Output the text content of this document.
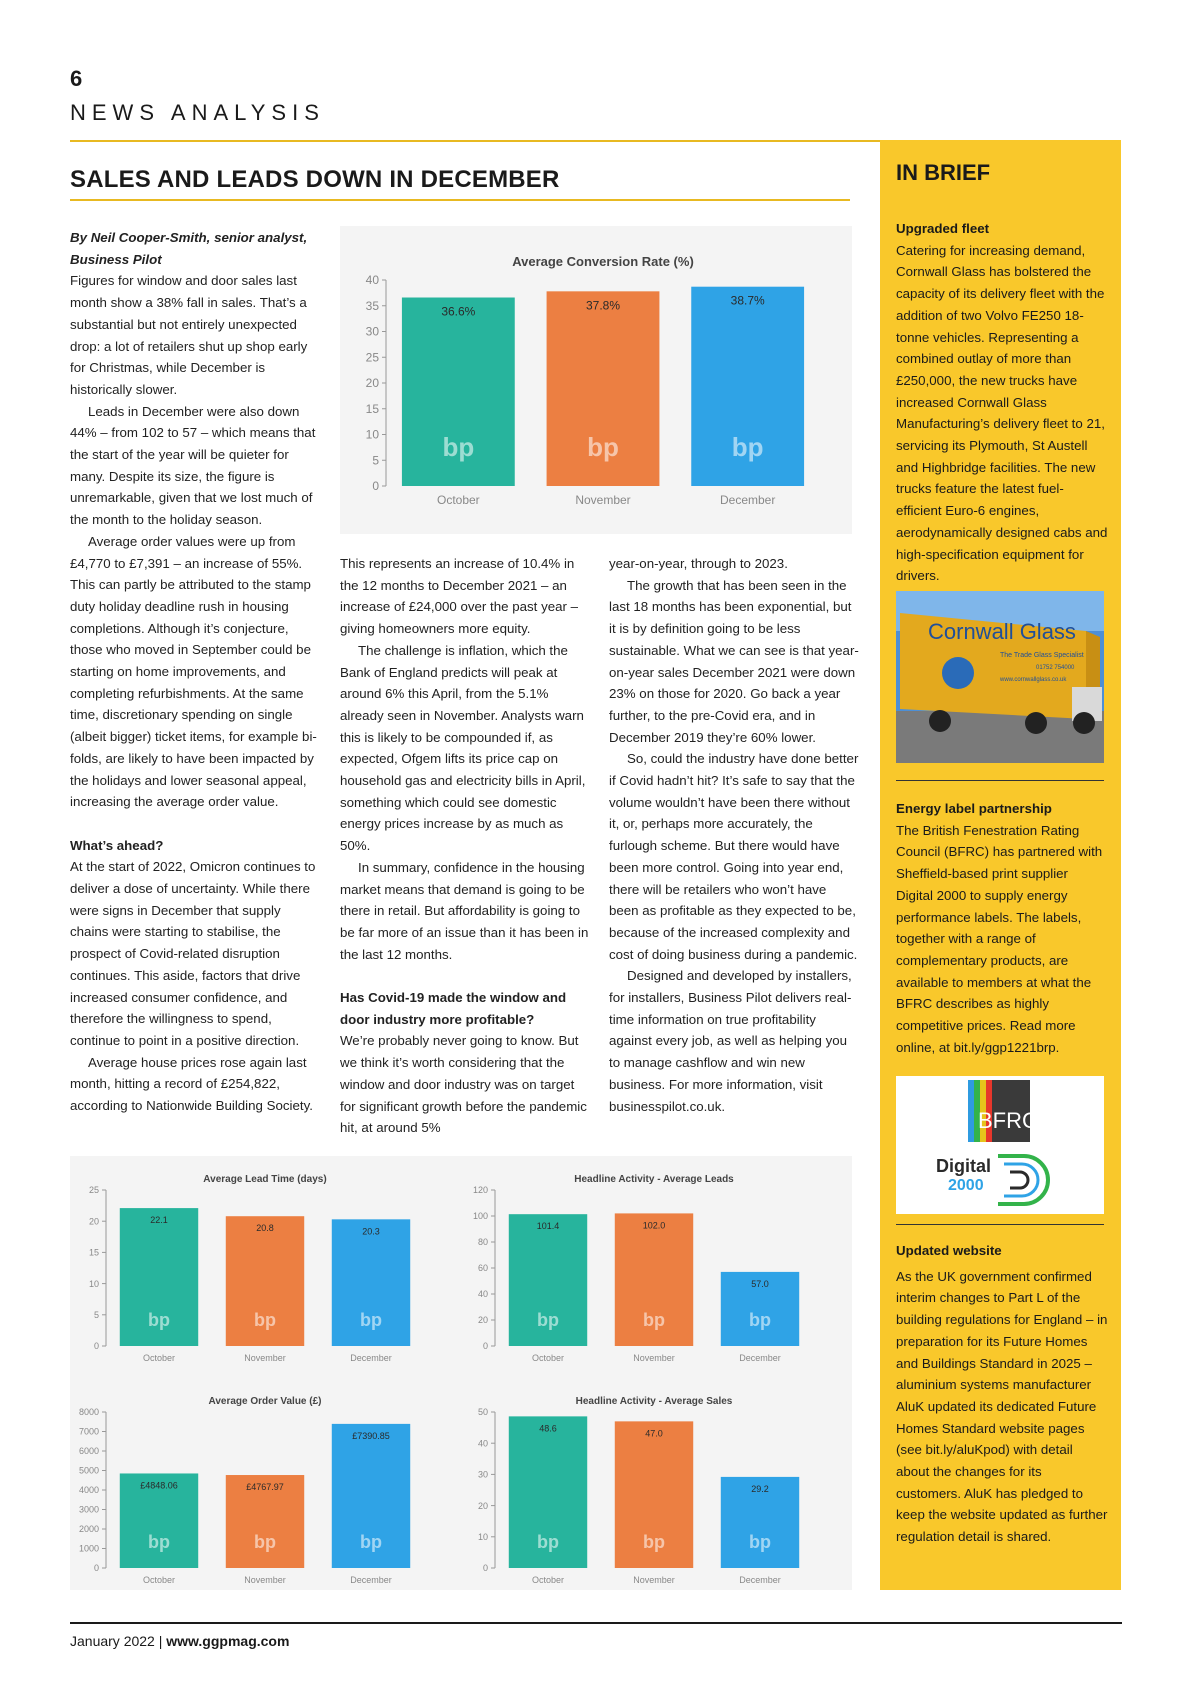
6
NEWS ANALYSIS
SALES AND LEADS DOWN IN DECEMBER

By Neil Cooper-Smith, senior analyst,

Business Pilot

Figures for window and door sales last month show a 38% fall in sales. That’s a substantial but not entirely unexpected drop: a lot of retailers shut up shop early for Christmas, while December is historically slower.

Leads in December were also down 44% – from 102 to 57 – which means that the start of the year will be quieter for many. Despite its size, the figure is unremarkable, given that we lost much of the month to the holiday season.

Average order values were up from £4,770 to £7,391 – an increase of 55%. This can partly be attributed to the stamp duty holiday deadline rush in housing completions. Although it’s conjecture, those who moved in September could be starting on home improvements, and completing refurbishments. At the same time, discretionary spending on single (albeit bigger) ticket items, for example bi-folds, are likely to have been impacted by the holidays and lower seasonal appeal, increasing the average order value.

What’s ahead?

At the start of 2022, Omicron continues to deliver a dose of uncertainty. While there were signs in December that supply chains were starting to stabilise, the prospect of Covid-related disruption continues. This aside, factors that drive increased consumer confidence, and therefore the willingness to spend, continue to point in a positive direction.

Average house prices rose again last month, hitting a record of £254,822, according to Nationwide Building Society.

Average Conversion Rate (%)
0
5
10
15
20
25
30
35
40
36.6%
bp
October
37.8%
bp
November
38.7%
bp
December

This represents an increase of 10.4% in the 12 months to December 2021 – an increase of £24,000 over the past year – giving homeowners more equity.

The challenge is inflation, which the Bank of England predicts will peak at around 6% this April, from the 5.1% already seen in November. Analysts warn this is likely to be compounded if, as expected, Ofgem lifts its price cap on household gas and electricity bills in April, something which could see domestic energy prices increase by as much as 50%.

In summary, confidence in the housing market means that demand is going to be there in retail. But affordability is going to be far more of an issue than it has been in the last 12 months.

Has Covid-19 made the window and door industry more profitable?

We’re probably never going to know. But we think it’s worth considering that the window and door industry was on target for significant growth before the pandemic hit, at around 5%

year-on-year, through to 2023.

The growth that has been seen in the last 18 months has been exponential, but it is by definition going to be less sustainable. What we can see is that year-on-year sales December 2021 were down 23% on those for 2020. Go back a year further, to the pre-Covid era, and in December 2019 they’re 60% lower.

So, could the industry have done better if Covid hadn’t hit? It’s safe to say that the volume wouldn’t have been there without it, or, perhaps more accurately, the furlough scheme. But there would have been more control. Going into year end, there will be retailers who won’t have been as profitable as they expected to be, because of the increased complexity and cost of doing business during a pandemic.

Designed and developed by installers, for installers, Business Pilot delivers real-time information on true profitability against every job, as well as helping you to manage cashflow and win new business. For more information, visit businesspilot.co.uk.

Average Lead Time (days)
0
5
10
15
20
25
22.1
bp
October
20.8
bp
November
20.3
bp
December
Headline Activity - Average Leads
0
20
40
60
80
100
120
101.4
bp
October
102.0
bp
November
57.0
bp
December
Average Order Value (£)
0
1000
2000
3000
4000
5000
6000
7000
8000
£4848.06
bp
October
£4767.97
bp
November
£7390.85
bp
December
Headline Activity - Average Sales
0
10
20
30
40
50
48.6
bp
October
47.0
bp
November
29.2
bp
December
IN BRIEF
Upgraded fleet
Catering for increasing demand, Cornwall Glass has bolstered the capacity of its delivery fleet with the addition of two Volvo FE250 18-tonne vehicles. Representing a combined outlay of more than £250,000, the new trucks have increased Cornwall Glass Manufacturing’s delivery fleet to 21, servicing its Plymouth, St Austell and Highbridge facilities. The new trucks feature the latest fuel-efficient Euro-6 engines, aerodynamically designed cabs and high-specification equipment for drivers.
Cornwall Glass
The Trade Glass Specialist
01752 754000
www.cornwallglass.co.uk
Energy label partnership
The British Fenestration Rating Council (BFRC) has partnered with Sheffield-based print supplier Digital 2000 to supply energy performance labels. The labels, together with a range of complementary products, are available to members at what the BFRC describes as highly competitive prices. Read more online, at bit.ly/ggp1221brp.
BFRC
Digital
2000
Updated website
As the UK government confirmed interim changes to Part L of the building regulations for England – in preparation for its Future Homes and Buildings Standard in 2025 – aluminium systems manufacturer AluK updated its dedicated Future Homes Standard website pages (see bit.ly/aluKpod) with detail about the changes for its customers. AluK has pledged to keep the website updated as further regulation detail is shared.
January 2022 | www.ggpmag.com
